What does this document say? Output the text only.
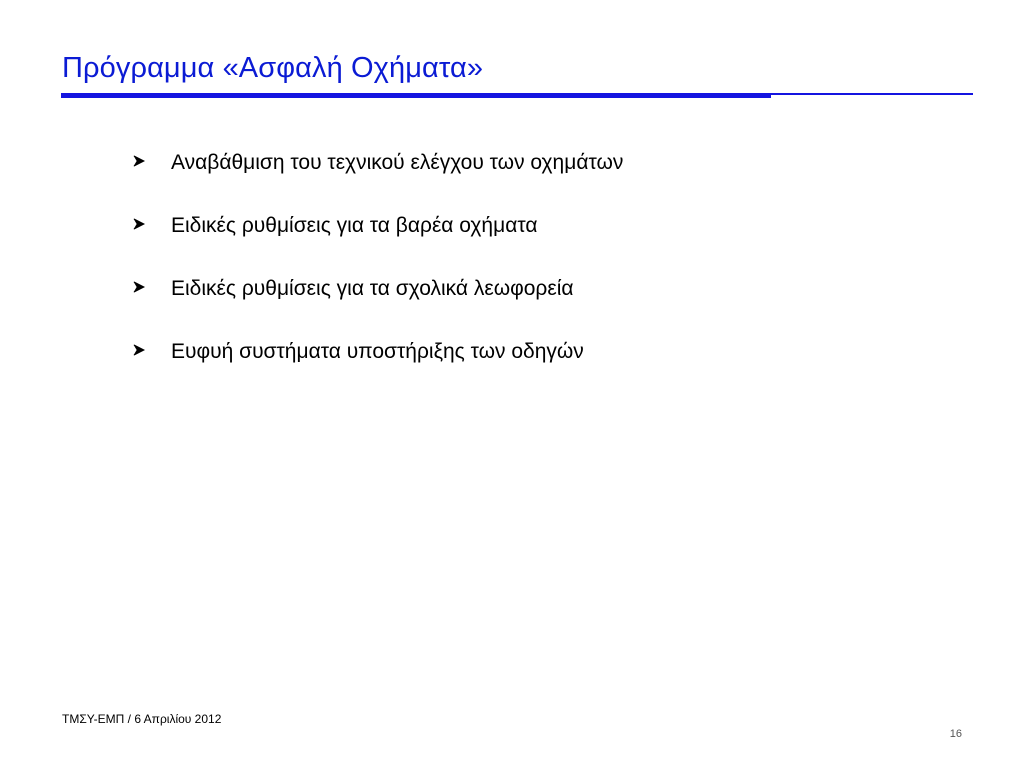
Πρόγραμμα «Ασφαλή Οχήματα»
Αναβάθμιση του τεχνικού ελέγχου των οχημάτων
Ειδικές ρυθμίσεις για τα βαρέα οχήματα
Ειδικές ρυθμίσεις για τα σχολικά λεωφορεία
Ευφυή συστήματα υποστήριξης των οδηγών
ΤΜΣΥ-ΕΜΠ / 6 Απριλίου 2012
16
